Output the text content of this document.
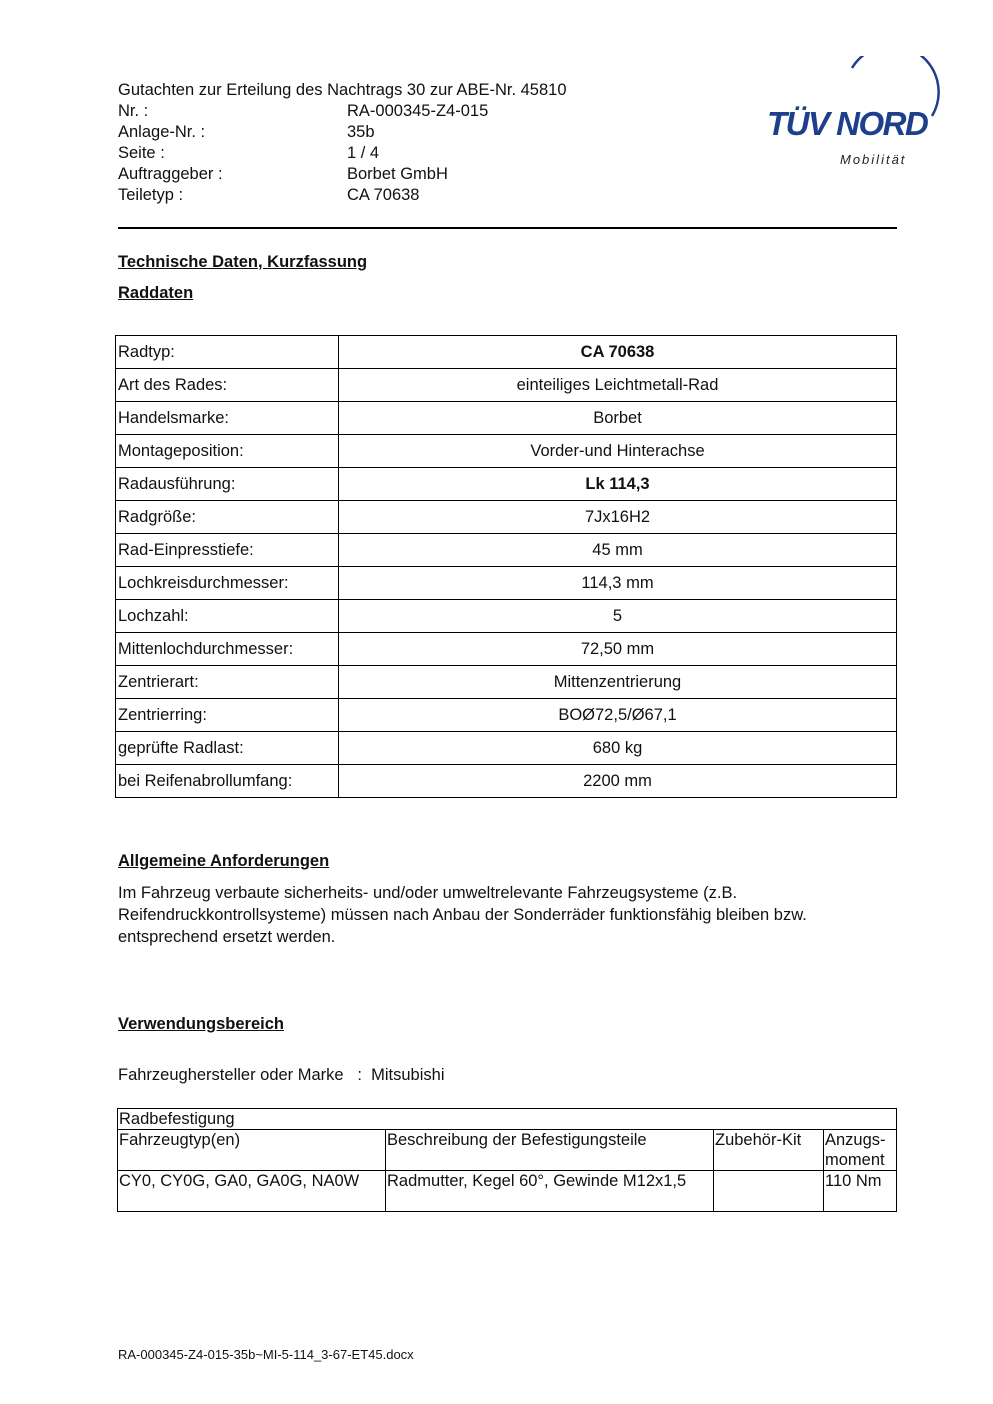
Gutachten zur Erteilung des Nachtrags 30 zur ABE-Nr. 45810
Nr. :	RA-000345-Z4-015
Anlage-Nr. :	35b
Seite :	1 / 4
Auftraggeber :	Borbet GmbH
Teiletyp :	CA 70638
TÜV NORD
Mobilität
Technische Daten, Kurzfassung
Raddaten
Radtyp:	CA 70638
Art des Rades:	einteiliges Leichtmetall-Rad
Handelsmarke:	Borbet
Montageposition:	Vorder-und Hinterachse
Radausführung:	Lk 114,3
Radgröße:	7Jx16H2
Rad-Einpresstiefe:	45 mm
Lochkreisdurchmesser:	114,3 mm
Lochzahl:	5
Mittenlochdurchmesser:	72,50 mm
Zentrierart:	Mittenzentrierung
Zentrierring:	BOØ72,5/Ø67,1
geprüfte Radlast:	680 kg
bei Reifenabrollumfang:	2200 mm
Allgemeine Anforderungen
Im Fahrzeug verbaute sicherheits- und/oder umweltrelevante Fahrzeugsysteme (z.B. Reifendruckkontrollsysteme) müssen nach Anbau der Sonderräder funktionsfähig bleiben bzw. entsprechend ersetzt werden.
Verwendungsbereich
Fahrzeughersteller oder Marke : Mitsubishi
Radbefestigung			
Fahrzeugtyp(en)	Beschreibung der Befestigungsteile	Zubehör-Kit	Anzugs-
moment
CY0, CY0G, GA0, GA0G, NA0W	Radmutter, Kegel 60°, Gewinde M12x1,5		110 Nm
RA-000345-Z4-015-35b~MI-5-114_3-67-ET45.docx
